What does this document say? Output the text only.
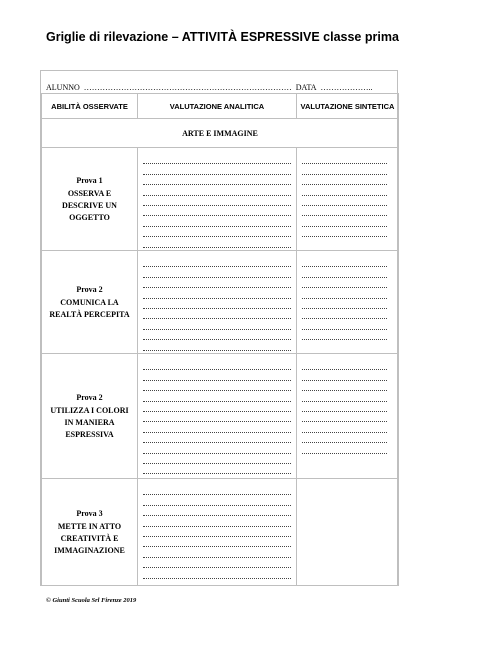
Griglie di rilevazione – ATTIVITÀ ESPRESSIVE classe prima
ALUNNO …………………………………………………………………… DATA ………………..
ABILITÀ OSSERVATE	VALUTAZIONE ANALITICA	VALUTAZIONE SINTETICA
ARTE E IMMAGINE		

Prova 1
OSSERVA E DESCRIVE UN OGGETTO		

Prova 2
COMUNICA LA REALTÀ PERCEPITA		

Prova 2
UTILIZZA I COLORI IN MANIERA ESPRESSIVA		

Prova 3
METTE IN ATTO CREATIVITÀ E IMMAGINAZIONE		

© Giunti Scuola Srl Firenze 2019
